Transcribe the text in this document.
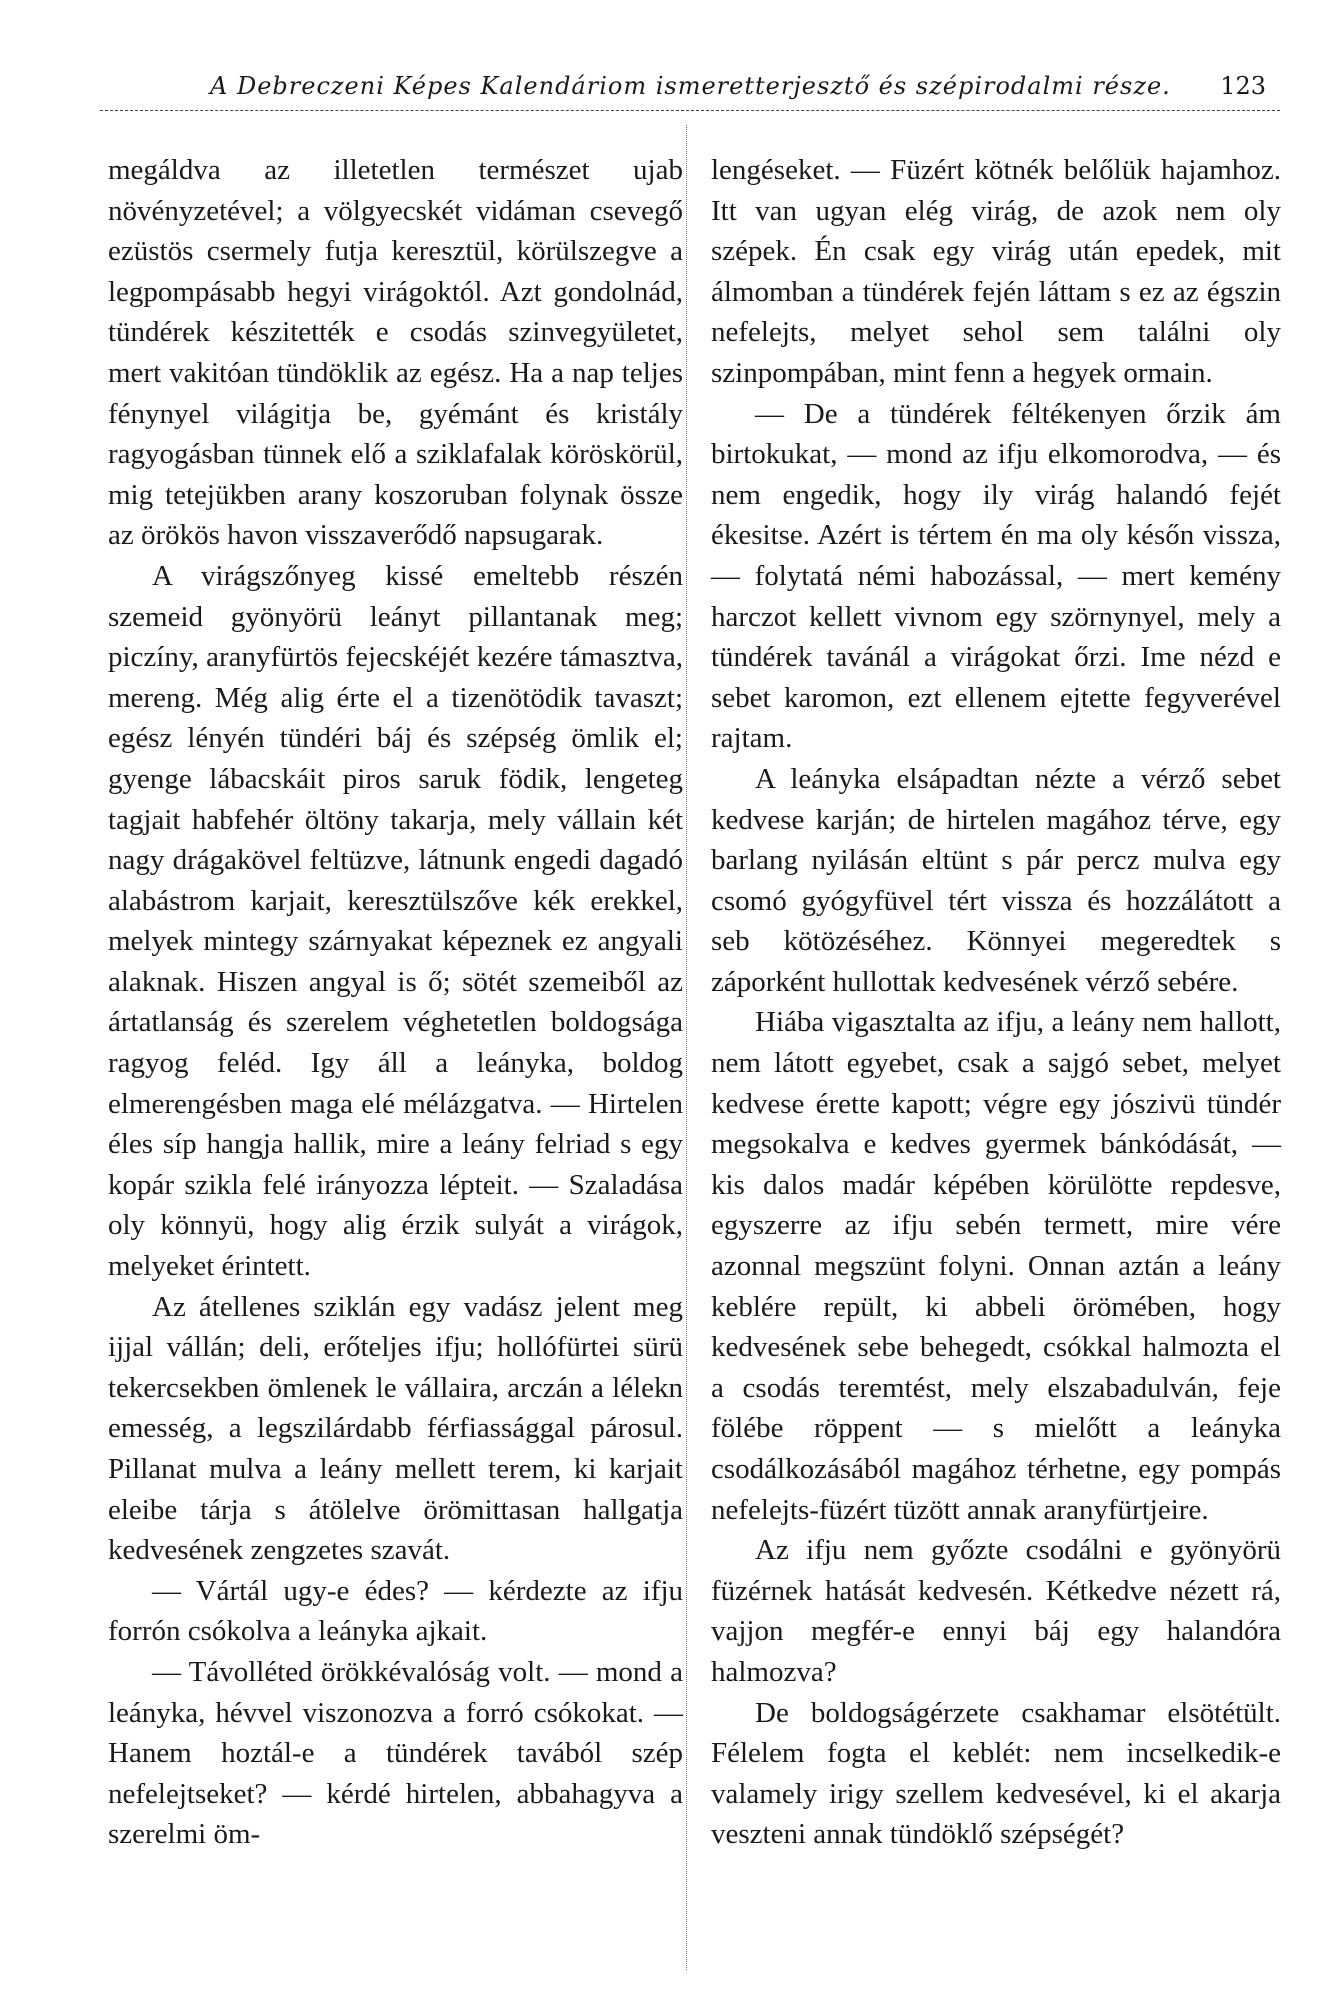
A Debreczeni Képes Kalendáriom ismeretterjesztő és szépirodalmi része. 123

megáldva az illetetlen természet ujab növényzetével; a völgyecskét vidáman csevegő ezüstös csermely futja keresztül, körülszegve a legpompásabb hegyi virágoktól. Azt gondolnád, tündérek készitették e csodás szinvegyületet, mert vakitóan tündöklik az egész. Ha a nap teljes fénynyel világitja be, gyémánt és kristály ragyogásban tünnek elő a sziklafalak köröskörül, mig tetejükben arany koszoruban folynak össze az örökös havon visszaverődő napsugarak.

A virágszőnyeg kissé emeltebb részén szemeid gyönyörü leányt pillantanak meg; piczíny, aranyfürtös fejecskéjét kezére támasztva, mereng. Még alig érte el a tizenötödik tavaszt; egész lényén tündéri báj és szépség ömlik el; gyenge lábacskáit piros saruk födik, lengeteg tagjait habfehér öltöny takarja, mely vállain két nagy drágakövel feltüzve, látnunk engedi dagadó alabástrom karjait, keresztülszőve kék erekkel, melyek mintegy szárnyakat képeznek ez angyali alaknak. Hiszen angyal is ő; sötét szemeiből az ártatlanság és szerelem véghetetlen boldogsága ragyog feléd. Igy áll a leányka, boldog elmerengésben maga elé mélázgatva. — Hirtelen éles síp hangja hallik, mire a leány felriad s egy kopár szikla felé irányozza lépteit. — Szaladása oly könnyü, hogy alig érzik sulyát a virágok, melyeket érintett.

Az átellenes sziklán egy vadász jelent meg ijjal vállán; deli, erőteljes ifju; hollófürtei sürü tekercsekben ömlenek le vállaira, arczán a lélekn emesség, a legszilárdabb férfiassággal párosul. Pillanat mulva a leány mellett terem, ki karjait eleibe tárja s átölelve örömittasan hallgatja kedvesének zengzetes szavát.

— Vártál ugy-e édes? — kérdezte az ifju forrón csókolva a leányka ajkait.

— Távolléted örökkévalóság volt. — mond a leányka, hévvel viszonozva a forró csókokat. — Hanem hoztál-e a tündérek tavából szép nefelejtseket? — kérdé hirtelen, abbahagyva a szerelmi öm-

lengéseket. — Füzért kötnék belőlük hajamhoz. Itt van ugyan elég virág, de azok nem oly szépek. Én csak egy virág után epedek, mit álmomban a tündérek fején láttam s ez az égszin nefelejts, melyet sehol sem találni oly szinpompában, mint fenn a hegyek ormain.

— De a tündérek féltékenyen őrzik ám birtokukat, — mond az ifju elkomorodva, — és nem engedik, hogy ily virág halandó fejét ékesitse. Azért is tértem én ma oly későn vissza, — folytatá némi habozással, — mert kemény harczot kellett vivnom egy szörnynyel, mely a tündérek tavánál a virágokat őrzi. Ime nézd e sebet karomon, ezt ellenem ejtette fegyverével rajtam.

A leányka elsápadtan nézte a vérző sebet kedvese karján; de hirtelen magához térve, egy barlang nyilásán eltünt s pár percz mulva egy csomó gyógyfüvel tért vissza és hozzálátott a seb kötözéséhez. Könnyei megeredtek s záporként hullottak kedvesének vérző sebére.

Hiába vigasztalta az ifju, a leány nem hallott, nem látott egyebet, csak a sajgó sebet, melyet kedvese érette kapott; végre egy jószivü tündér megsokalva e kedves gyermek bánkódását, — kis dalos madár képében körülötte repdesve, egyszerre az ifju sebén termett, mire vére azonnal megszünt folyni. Onnan aztán a leány keblére repült, ki abbeli örömében, hogy kedvesének sebe behegedt, csókkal halmozta el a csodás teremtést, mely elszabadulván, feje fölébe röppent — s mielőtt a leányka csodálkozásából magához térhetne, egy pompás nefelejts-füzért tüzött annak aranyfürtjeire.

Az ifju nem győzte csodálni e gyönyörü füzérnek hatását kedvesén. Kétkedve nézett rá, vajjon megfér-e ennyi báj egy halandóra halmozva?

De boldogságérzete csakhamar elsötétült. Félelem fogta el keblét: nem incselkedik-e valamely irigy szellem kedvesével, ki el akarja veszteni annak tündöklő szépségét?
